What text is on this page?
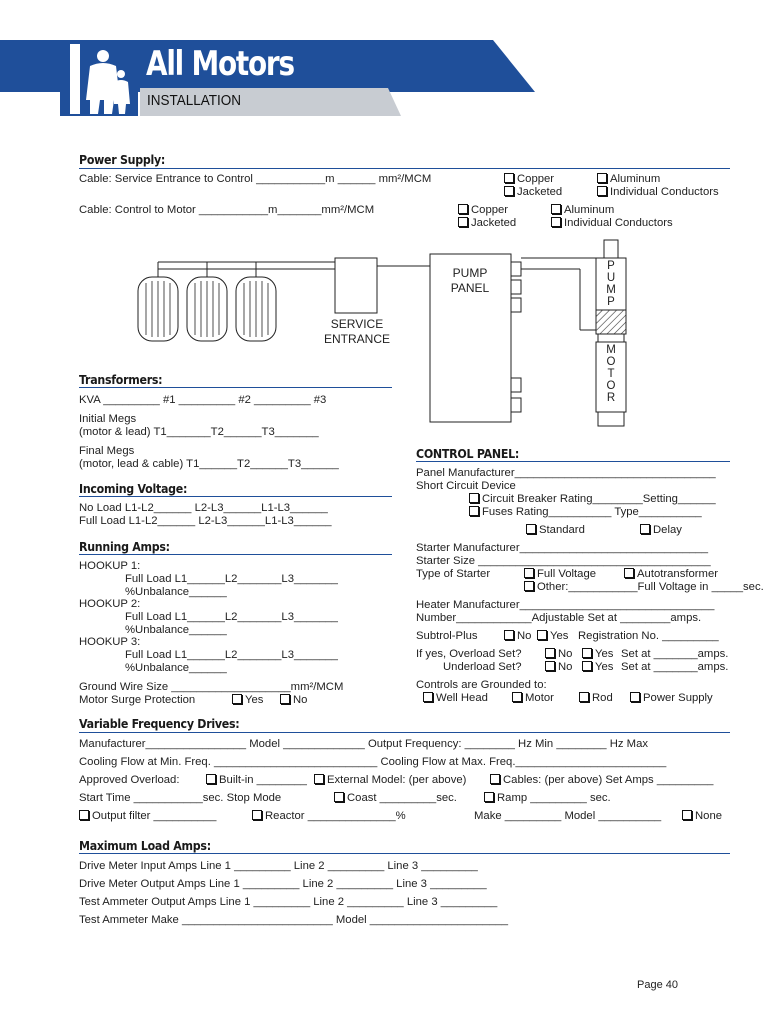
All Motors
INSTALLATION
Power Supply:
Cable: Service Entrance to Control ___________m ______ mm²/MCM	Copper	Aluminum
Jacketed	Individual Conductors
Cable: Control to Motor ___________m_______mm²/MCM	Copper	Aluminum
Jacketed	Individual Conductors
SERVICE
ENTRANCE
PUMP
PANEL
P
U
M
P
M
O
T
O
R
Transformers:
KVA _________ #1 _________ #2 _________ #3
Initial Megs
(motor & lead) T1_______T2______T3_______
Final Megs
(motor, lead & cable) T1______T2______T3______
Incoming Voltage:
No Load L1-L2______ L2-L3______L1-L3______
Full Load L1-L2______ L2-L3______L1-L3______
Running Amps:
HOOKUP 1:
Full Load L1______L2_______L3_______
%Unbalance______
HOOKUP 2:
Full Load L1______L2_______L3_______
%Unbalance______
HOOKUP 3:
Full Load L1______L2_______L3_______
%Unbalance______
Ground Wire Size ___________________mm²/MCM
Motor Surge Protection	Yes	No
CONTROL PANEL:
Panel Manufacturer________________________________
Short Circuit Device
Circuit Breaker Rating________Setting______
Fuses Rating__________ Type__________
Standard	Delay
Starter Manufacturer______________________________
Starter Size _____________________________________
Type of Starter	Full Voltage	Autotransformer
Other:___________Full Voltage in _____sec.
Heater Manufacturer_______________________________
Number____________Adjustable Set at ________amps.
Subtrol-Plus	No	Yes Registration No. _________
If yes, Overload Set?	No	Yes Set at _______amps.
Underload Set?	No	Yes Set at _______amps.
Controls are Grounded to:
Well Head	Motor	Rod	Power Supply
Variable Frequency Drives:
Manufacturer________________ Model _____________ Output Frequency: ________ Hz Min ________ Hz Max
Cooling Flow at Min. Freq. __________________________ Cooling Flow at Max. Freq.________________________
Approved Overload:	Built-in ________	External Model: (per above)	Cables: (per above) Set Amps _________
Start Time ___________sec. Stop Mode	Coast _________sec.	Ramp _________ sec.
Output filter __________	Reactor ______________%	Make _________ Model __________	None
Maximum Load Amps:
Drive Meter Input Amps Line 1 _________ Line 2 _________ Line 3 _________
Drive Meter Output Amps Line 1 _________ Line 2 _________ Line 3 _________
Test Ammeter Output Amps Line 1 _________ Line 2 _________ Line 3 _________
Test Ammeter Make ________________________ Model ______________________
Page 40
